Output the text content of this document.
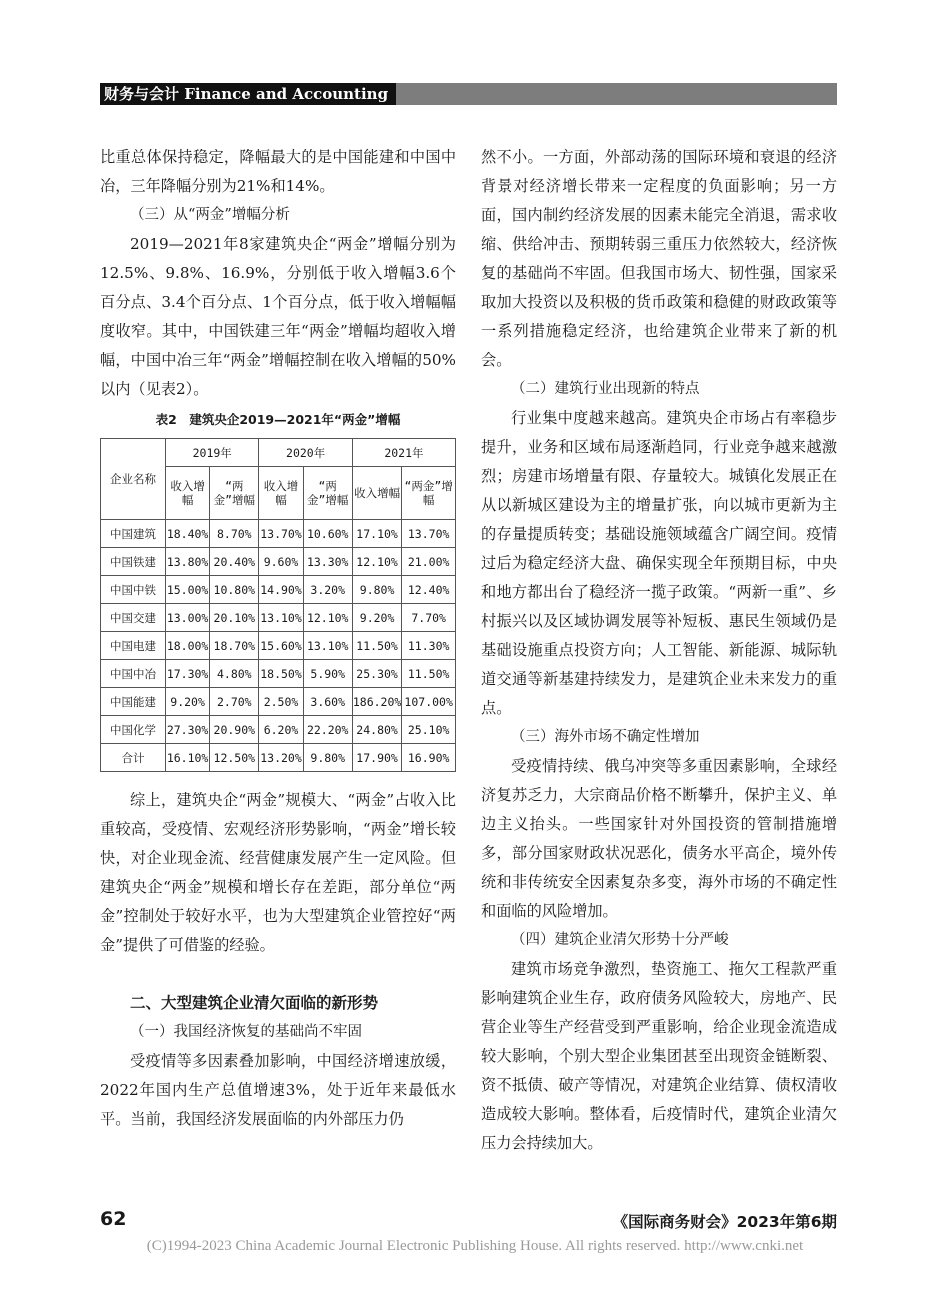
财务与会计 Finance and Accounting

比重总体保持稳定，降幅最大的是中国能建和中国中冶，三年降幅分别为21%和14%。

（三）从“两金”增幅分析

2019—2021年8家建筑央企“两金”增幅分别为12.5%、9.8%、16.9%，分别低于收入增幅3.6个百分点、3.4个百分点、1个百分点，低于收入增幅幅度收窄。其中，中国铁建三年“两金”增幅均超收入增幅，中国中冶三年“两金”增幅控制在收入增幅的50%以内（见表2）。

表2　建筑央企2019—2021年“两金”增幅
企业名称	2019年		2020年		2021年	
	收入增幅	“两金”增幅	收入增幅	“两金”增幅	收入增幅	“两金”增幅
中国建筑	18.40%	8.70%	13.70%	10.60%	17.10%	13.70%
中国铁建	13.80%	20.40%	9.60%	13.30%	12.10%	21.00%
中国中铁	15.00%	10.80%	14.90%	3.20%	9.80%	12.40%
中国交建	13.00%	20.10%	13.10%	12.10%	9.20%	7.70%
中国电建	18.00%	18.70%	15.60%	13.10%	11.50%	11.30%
中国中冶	17.30%	4.80%	18.50%	5.90%	25.30%	11.50%
中国能建	9.20%	2.70%	2.50%	3.60%	186.20%	107.00%
中国化学	27.30%	20.90%	6.20%	22.20%	24.80%	25.10%
合计	16.10%	12.50%	13.20%	9.80%	17.90%	16.90%

综上，建筑央企“两金”规模大、“两金”占收入比重较高，受疫情、宏观经济形势影响，“两金”增长较快，对企业现金流、经营健康发展产生一定风险。但建筑央企“两金”规模和增长存在差距，部分单位“两金”控制处于较好水平，也为大型建筑企业管控好“两金”提供了可借鉴的经验。

二、大型建筑企业清欠面临的新形势

（一）我国经济恢复的基础尚不牢固

受疫情等多因素叠加影响，中国经济增速放缓，2022年国内生产总值增速3%，处于近年来最低水平。当前，我国经济发展面临的内外部压力仍

然不小。一方面，外部动荡的国际环境和衰退的经济背景对经济增长带来一定程度的负面影响；另一方面，国内制约经济发展的因素未能完全消退，需求收缩、供给冲击、预期转弱三重压力依然较大，经济恢复的基础尚不牢固。但我国市场大、韧性强，国家采取加大投资以及积极的货币政策和稳健的财政政策等一系列措施稳定经济，也给建筑企业带来了新的机会。

（二）建筑行业出现新的特点

行业集中度越来越高。建筑央企市场占有率稳步提升，业务和区域布局逐渐趋同，行业竞争越来越激烈；房建市场增量有限、存量较大。城镇化发展正在从以新城区建设为主的增量扩张，向以城市更新为主的存量提质转变；基础设施领域蕴含广阔空间。疫情过后为稳定经济大盘、确保实现全年预期目标，中央和地方都出台了稳经济一揽子政策。“两新一重”、乡村振兴以及区域协调发展等补短板、惠民生领域仍是基础设施重点投资方向；人工智能、新能源、城际轨道交通等新基建持续发力，是建筑企业未来发力的重点。

（三）海外市场不确定性增加

受疫情持续、俄乌冲突等多重因素影响，全球经济复苏乏力，大宗商品价格不断攀升，保护主义、单边主义抬头。一些国家针对外国投资的管制措施增多，部分国家财政状况恶化，债务水平高企，境外传统和非传统安全因素复杂多变，海外市场的不确定性和面临的风险增加。

（四）建筑企业清欠形势十分严峻

建筑市场竞争激烈，垫资施工、拖欠工程款严重影响建筑企业生存，政府债务风险较大，房地产、民营企业等生产经营受到严重影响，给企业现金流造成较大影响，个别大型企业集团甚至出现资金链断裂、资不抵债、破产等情况，对建筑企业结算、债权清收造成较大影响。整体看，后疫情时代，建筑企业清欠压力会持续加大。

62	《国际商务财会》2023年第6期
(C)1994-2023 China Academic Journal Electronic Publishing House. All rights reserved. http://www.cnki.net
